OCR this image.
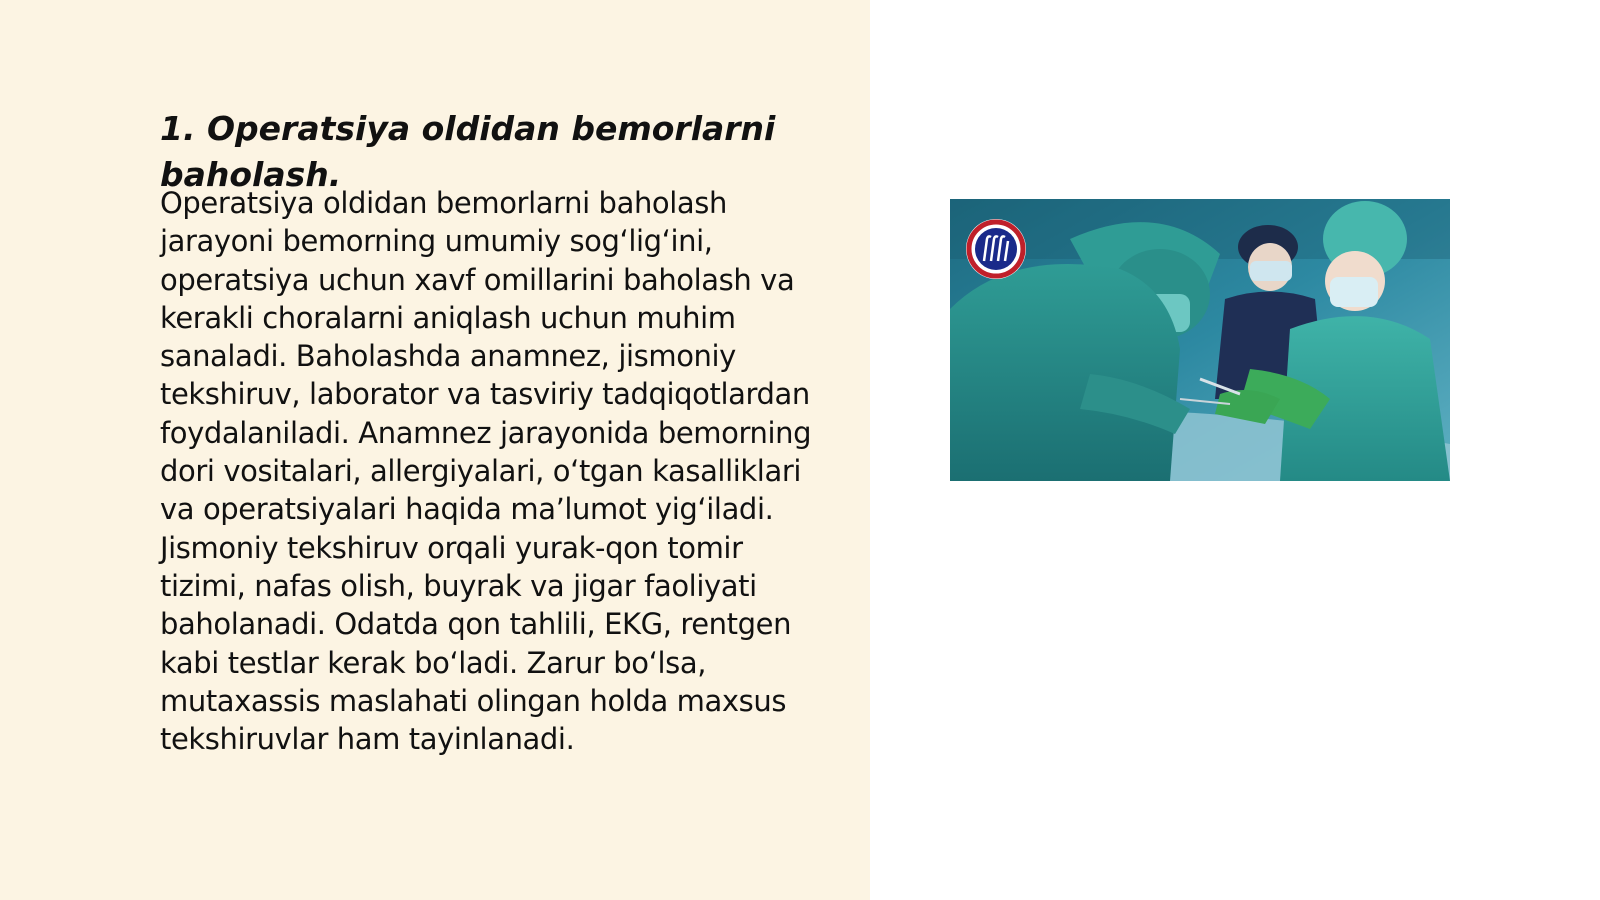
1. Operatsiya oldidan bemorlarni baholash.

Operatsiya oldidan bemorlarni baholash jarayoni bemorning umumiy sog‘lig‘ini, operatsiya uchun xavf omillarini baholash va kerakli choralarni aniqlash uchun muhim sanaladi. Baholashda anamnez, jismoniy tekshiruv, laborator va tasviriy tadqiqotlardan foydalaniladi. Anamnez jarayonida bemorning dori vositalari, allergiyalari, o‘tgan kasalliklari va operatsiyalari haqida ma’lumot yig‘iladi. Jismoniy tekshiruv orqali yurak-qon tomir tizimi, nafas olish, buyrak va jigar faoliyati baholanadi. Odatda qon tahlili, EKG, rentgen kabi testlar kerak bo‘ladi. Zarur bo‘lsa, mutaxassis maslahati olingan holda maxsus tekshiruvlar ham tayinlanadi.
